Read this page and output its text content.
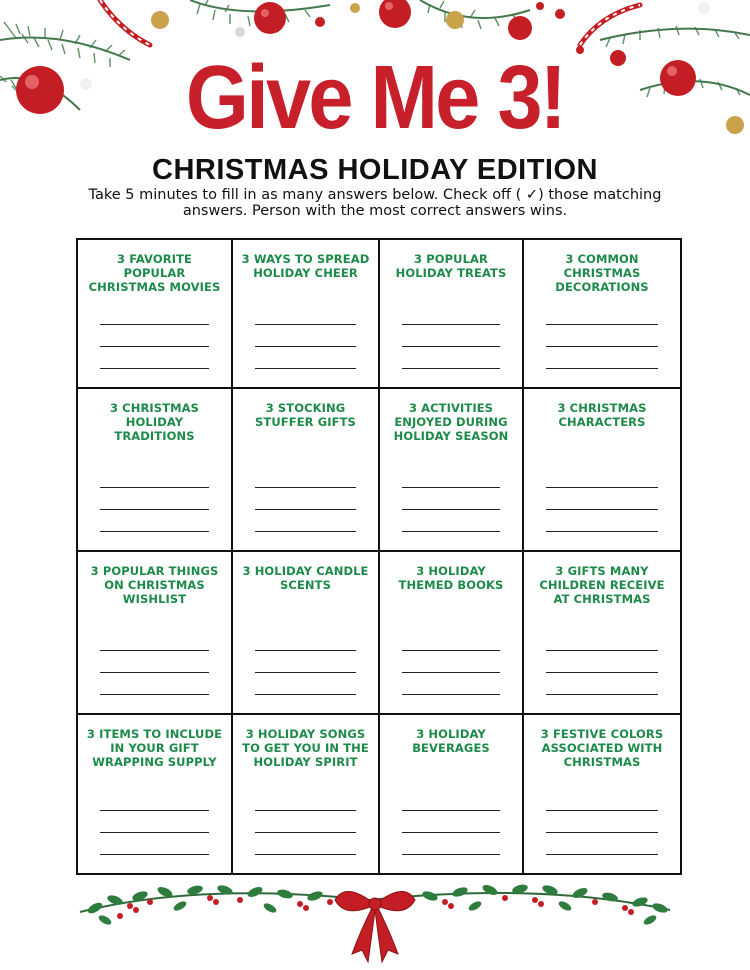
Give Me 3!
CHRISTMAS HOLIDAY EDITION
Take 5 minutes to fill in as many answers below. Check off ( ✓) those matching
answers. Person with the most correct answers wins.
3 FAVORITE POPULAR CHRISTMAS MOVIES
3 WAYS TO SPREAD HOLIDAY CHEER
3 POPULAR HOLIDAY TREATS
3 COMMON CHRISTMAS DECORATIONS
3 CHRISTMAS HOLIDAY TRADITIONS
3 STOCKING STUFFER GIFTS
3 ACTIVITIES ENJOYED DURING HOLIDAY SEASON
3 CHRISTMAS CHARACTERS
3 POPULAR THINGS ON CHRISTMAS WISHLIST
3 HOLIDAY CANDLE SCENTS
3 HOLIDAY THEMED BOOKS
3 GIFTS MANY CHILDREN RECEIVE AT CHRISTMAS
3 ITEMS TO INCLUDE IN YOUR GIFT WRAPPING SUPPLY
3 HOLIDAY SONGS TO GET YOU IN THE HOLIDAY SPIRIT
3 HOLIDAY BEVERAGES
3 FESTIVE COLORS ASSOCIATED WITH CHRISTMAS
